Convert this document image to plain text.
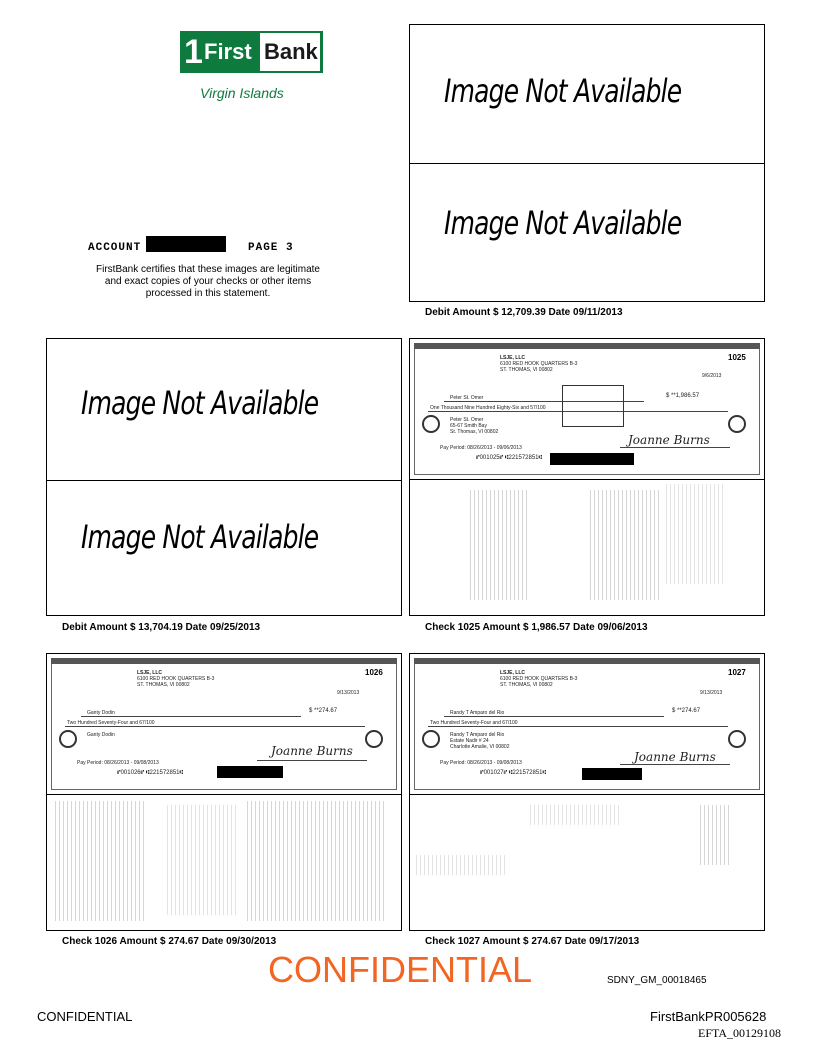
1 First Bank
Virgin Islands
ACCOUNT	PAGE 3
FirstBank certifies that these images are legitimate and exact copies of your checks or other items processed in this statement.
Image Not Available
Image Not Available
Debit Amount $ 12,709.39 Date 09/11/2013
Image Not Available
Image Not Available
Debit Amount $ 13,704.19 Date 09/25/2013
LSJE, LLC
6100 RED HOOK QUARTERS B-3
ST. THOMAS, VI 00802
1025
9/6/2013
Peter St. Omer	$ **1,986.57
One Thousand Nine Hundred Eighty-Six and 57/100
Peter St. Omer
65-67 Smith Bay
St. Thomas, VI 00802
Pay Period: 08/26/2013 - 09/06/2013
Joanne Burns
⑈001025⑈ ⑆221572851⑆
Check 1025 Amount $ 1,986.57 Date 09/06/2013
LSJE, LLC
6100 RED HOOK QUARTERS B-3
ST. THOMAS, VI 00802
1026
9/13/2013
Ganty Dodin	$ **274.67
Two Hundred Seventy-Four and 67/100
Ganty Dodin
Pay Period: 08/26/2013 - 09/08/2013
Joanne Burns
⑈001026⑈ ⑆221572851⑆
Check 1026 Amount $ 274.67 Date 09/30/2013
LSJE, LLC
6100 RED HOOK QUARTERS B-3
ST. THOMAS, VI 00802
1027
9/13/2013
Randy T Amparo del Rio	$ **274.67
Two Hundred Seventy-Four and 67/100
Randy T Amparo del Rio
Estate Nadir # 24
Charlotte Amalie, VI 00802
Pay Period: 08/26/2013 - 09/08/2013	Joanne Burns
⑈001027⑈ ⑆221572851⑆
Check 1027 Amount $ 274.67 Date 09/17/2013
CONFIDENTIAL	SDNY_GM_00018465
CONFIDENTIAL	FirstBankPR005628
EFTA_00129108
